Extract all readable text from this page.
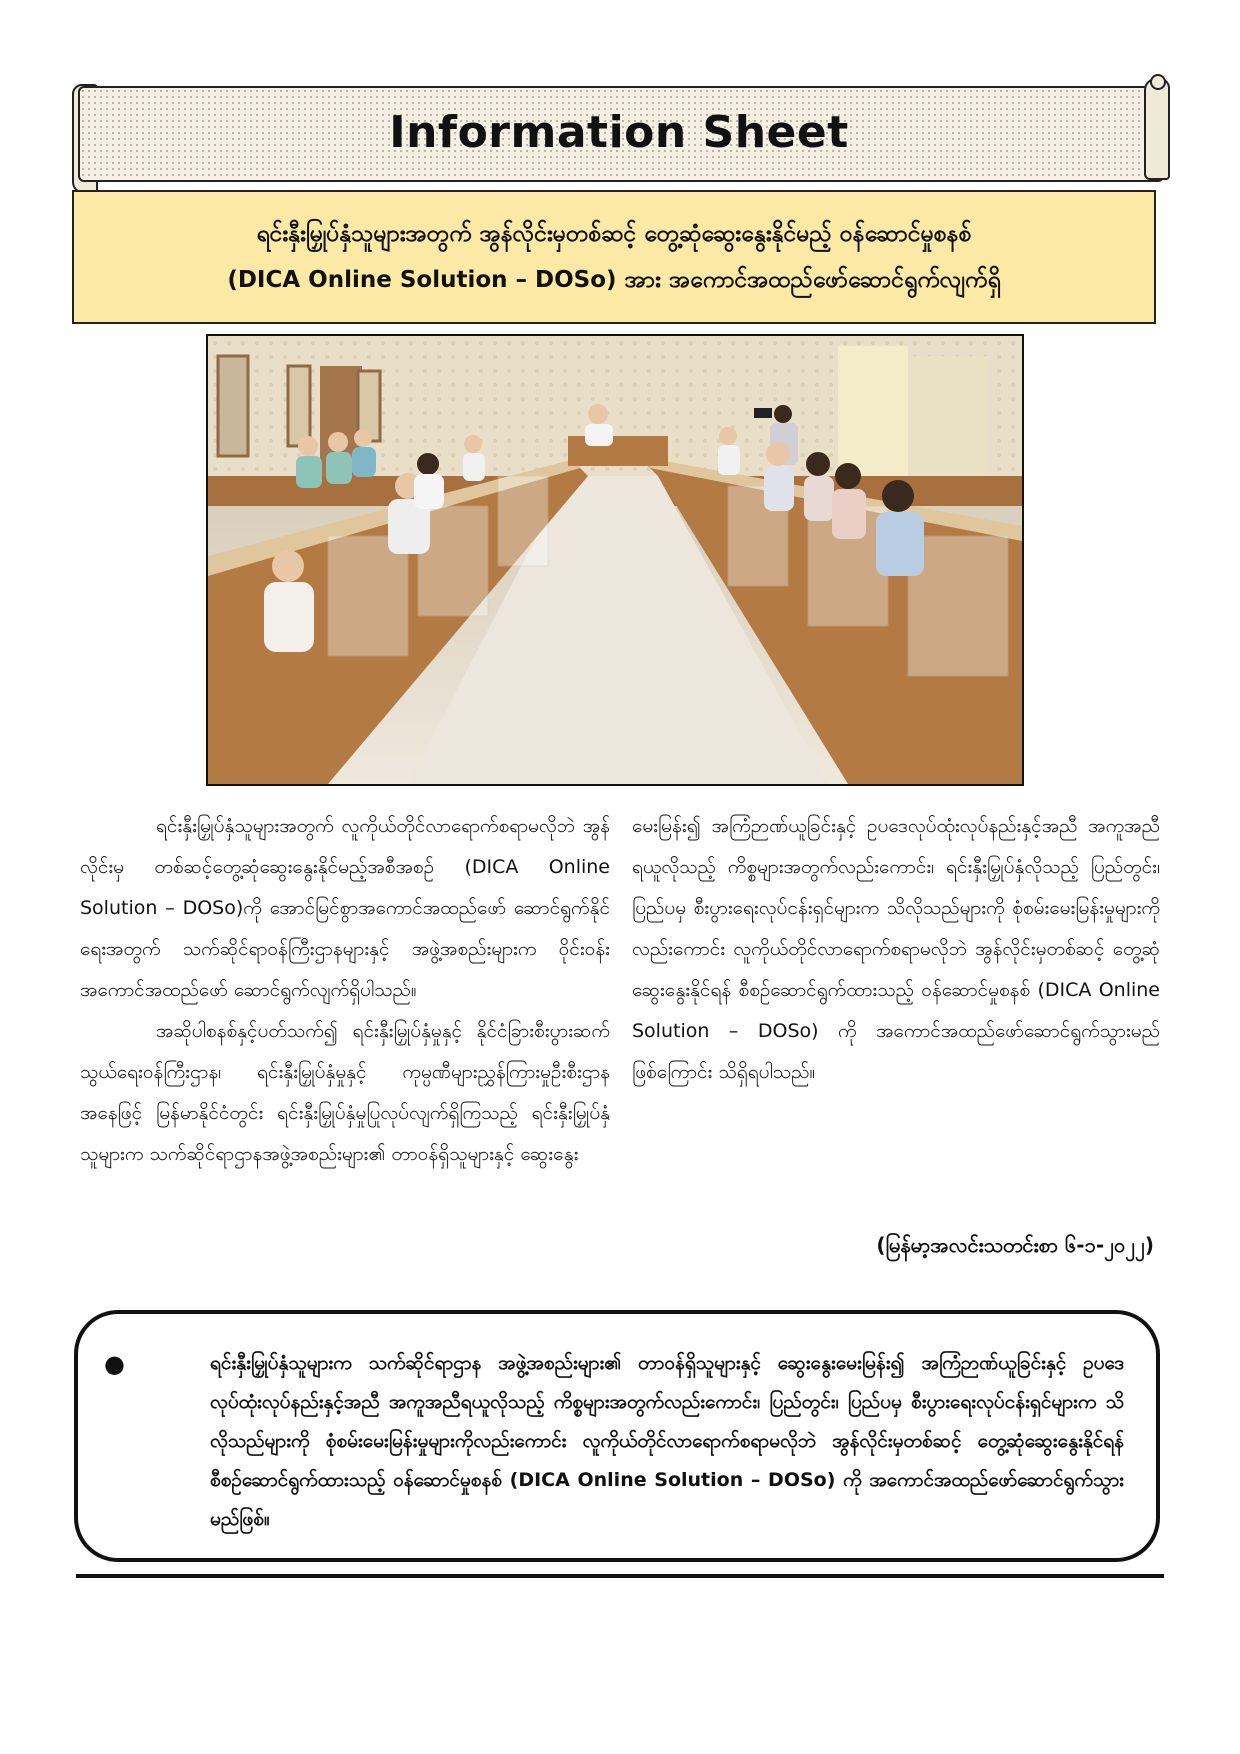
Information Sheet

ရင်းနှီးမြှုပ်နှံသူများအတွက် အွန်လိုင်းမှတစ်ဆင့် တွေ့ဆုံဆွေးနွေးနိုင်မည့် ဝန်ဆောင်မှုစနစ်

(DICA Online Solution – DOSo) အား အကောင်အထည်ဖော်ဆောင်ရွက်လျက်ရှိ

ရင်းနှီးမြှုပ်နှံသူများအတွက် လူကိုယ်တိုင်လာရောက်စရာမလိုဘဲ အွန်လိုင်းမှ တစ်ဆင့်တွေ့ဆုံဆွေးနွေးနိုင်မည့်အစီအစဉ် (DICA Online Solution – DOSo)ကို အောင်မြင်စွာအကောင်အထည်ဖော် ဆောင်ရွက်နိုင်ရေးအတွက် သက်ဆိုင်ရာဝန်ကြီးဌာနများနှင့် အဖွဲ့အစည်းများက ဝိုင်းဝန်းအကောင်အထည်ဖော် ဆောင်ရွက်လျက်ရှိပါသည်။

အဆိုပါစနစ်နှင့်ပတ်သက်၍ ရင်းနှီးမြှုပ်နှံမှုနှင့် နိုင်ငံခြားစီးပွားဆက်သွယ်ရေးဝန်ကြီးဌာန၊ ရင်းနှီးမြှုပ်နှံမှုနှင့် ကုမ္ပဏီများညွှန်ကြားမှုဦးစီးဌာနအနေဖြင့် မြန်မာနိုင်ငံတွင်း ရင်းနှီးမြှုပ်နှံမှုပြုလုပ်လျက်ရှိကြသည့် ရင်းနှီးမြှုပ်နှံသူများက သက်ဆိုင်ရာဌာနအဖွဲ့အစည်းများ၏ တာဝန်ရှိသူများနှင့် ဆွေးနွေး

မေးမြန်း၍ အကြံဉာဏ်ယူခြင်းနှင့် ဥပဒေလုပ်ထုံးလုပ်နည်းနှင့်အညီ အကူအညီရယူလိုသည့် ကိစ္စများအတွက်လည်းကောင်း၊ ရင်းနှီးမြှုပ်နှံလိုသည့် ပြည်တွင်း၊ ပြည်ပမှ စီးပွားရေးလုပ်ငန်းရှင်များက သိလိုသည်များကို စုံစမ်းမေးမြန်းမှုများကိုလည်းကောင်း လူကိုယ်တိုင်လာရောက်စရာမလိုဘဲ အွန်လိုင်းမှတစ်ဆင့် တွေ့ဆုံဆွေးနွေးနိုင်ရန် စီစဉ်ဆောင်ရွက်ထားသည့် ဝန်ဆောင်မှုစနစ် (DICA Online Solution – DOSo) ကို အကောင်အထည်ဖော်ဆောင်ရွက်သွားမည်ဖြစ်ကြောင်း သိရှိရပါသည်။

(မြန်မာ့အလင်းသတင်းစာ ၆-၁-၂၀၂၂)
●	ရင်းနှီးမြှုပ်နှံသူများက သက်ဆိုင်ရာဌာန အဖွဲ့အစည်းများ၏ တာဝန်ရှိသူများနှင့် ဆွေးနွေးမေးမြန်း၍ အကြံဉာဏ်ယူခြင်းနှင့် ဥပဒေလုပ်ထုံးလုပ်နည်းနှင့်အညီ အကူအညီရယူလိုသည့် ကိစ္စများအတွက်လည်းကောင်း၊ ပြည်တွင်း၊ ပြည်ပမှ စီးပွားရေးလုပ်ငန်းရှင်များက သိလိုသည်များကို စုံစမ်းမေးမြန်းမှုများကိုလည်းကောင်း လူကိုယ်တိုင်လာရောက်စရာမလိုဘဲ အွန်လိုင်းမှတစ်ဆင့် တွေ့ဆုံဆွေးနွေးနိုင်ရန် စီစဉ်ဆောင်ရွက်ထားသည့် ဝန်ဆောင်မှုစနစ် (DICA Online Solution – DOSo) ကို အကောင်အထည်ဖော်ဆောင်ရွက်သွားမည်ဖြစ်။
